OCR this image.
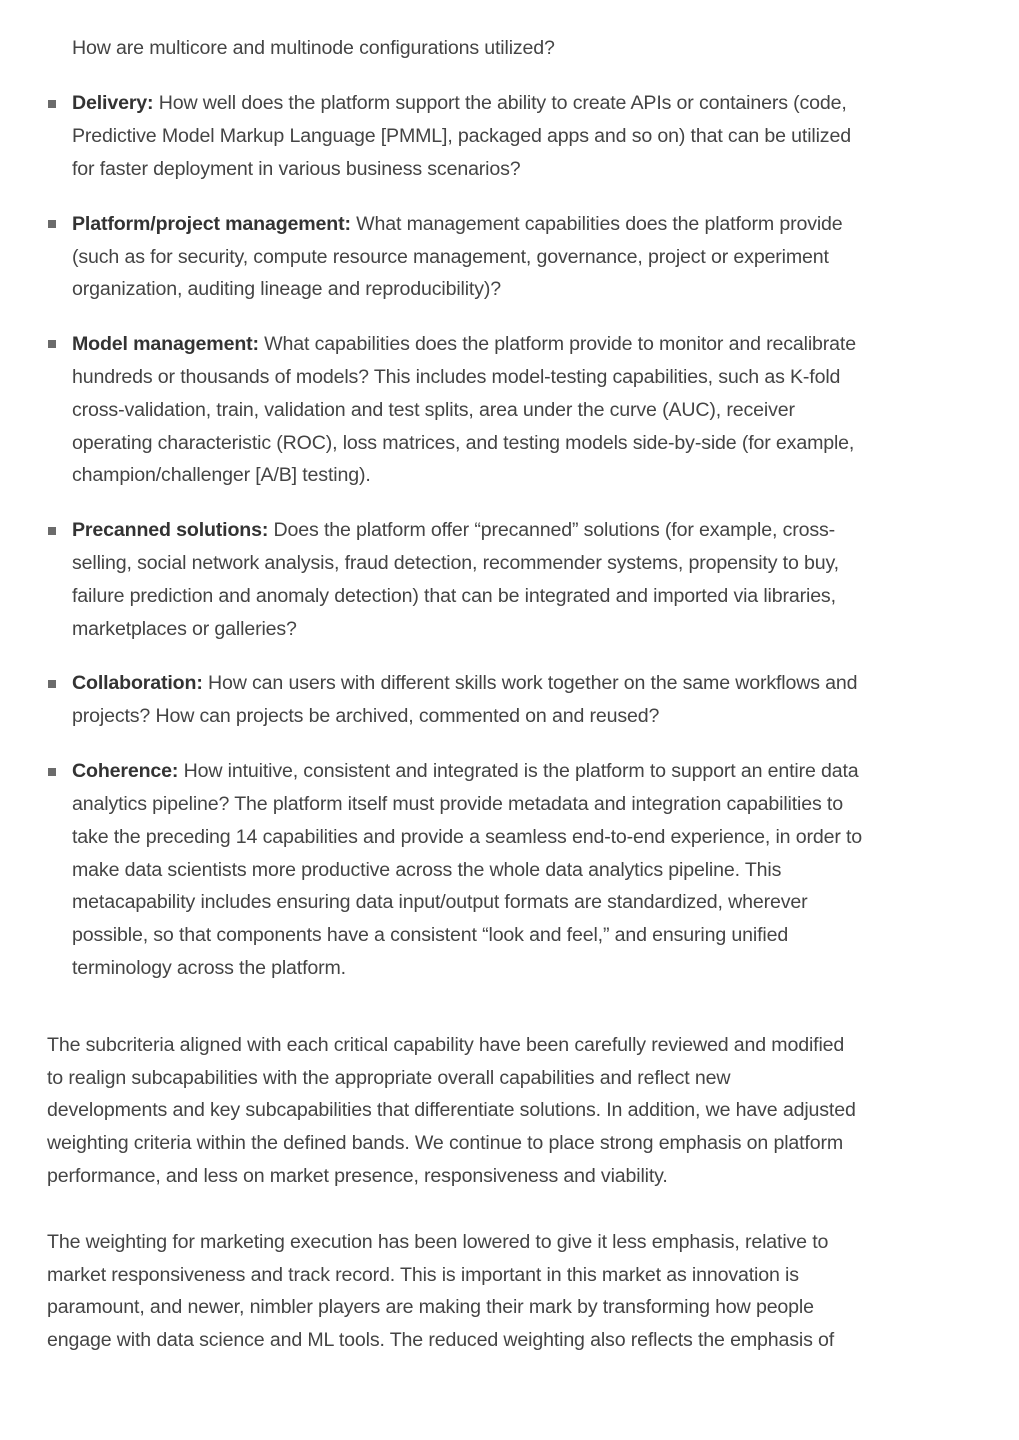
How are multicore and multinode configurations utilized?
Delivery: How well does the platform support the ability to create APIs or containers (code,
Predictive Model Markup Language [PMML], packaged apps and so on) that can be utilized
for faster deployment in various business scenarios?
Platform/project management: What management capabilities does the platform provide
(such as for security, compute resource management, governance, project or experiment
organization, auditing lineage and reproducibility)?
Model management: What capabilities does the platform provide to monitor and recalibrate
hundreds or thousands of models? This includes model-testing capabilities, such as K-fold
cross-validation, train, validation and test splits, area under the curve (AUC), receiver
operating characteristic (ROC), loss matrices, and testing models side-by-side (for example,
champion/challenger [A/B] testing).
Precanned solutions: Does the platform offer “precanned” solutions (for example, cross-
selling, social network analysis, fraud detection, recommender systems, propensity to buy,
failure prediction and anomaly detection) that can be integrated and imported via libraries,
marketplaces or galleries?
Collaboration: How can users with different skills work together on the same workflows and
projects? How can projects be archived, commented on and reused?
Coherence: How intuitive, consistent and integrated is the platform to support an entire data
analytics pipeline? The platform itself must provide metadata and integration capabilities to
take the preceding 14 capabilities and provide a seamless end-to-end experience, in order to
make data scientists more productive across the whole data analytics pipeline. This
metacapability includes ensuring data input/output formats are standardized, wherever
possible, so that components have a consistent “look and feel,” and ensuring unified
terminology across the platform.
The subcriteria aligned with each critical capability have been carefully reviewed and modified
to realign subcapabilities with the appropriate overall capabilities and reflect new
developments and key subcapabilities that differentiate solutions. In addition, we have adjusted
weighting criteria within the defined bands. We continue to place strong emphasis on platform
performance, and less on market presence, responsiveness and viability.
The weighting for marketing execution has been lowered to give it less emphasis, relative to
market responsiveness and track record. This is important in this market as innovation is
paramount, and newer, nimbler players are making their mark by transforming how people
engage with data science and ML tools. The reduced weighting also reflects the emphasis of
